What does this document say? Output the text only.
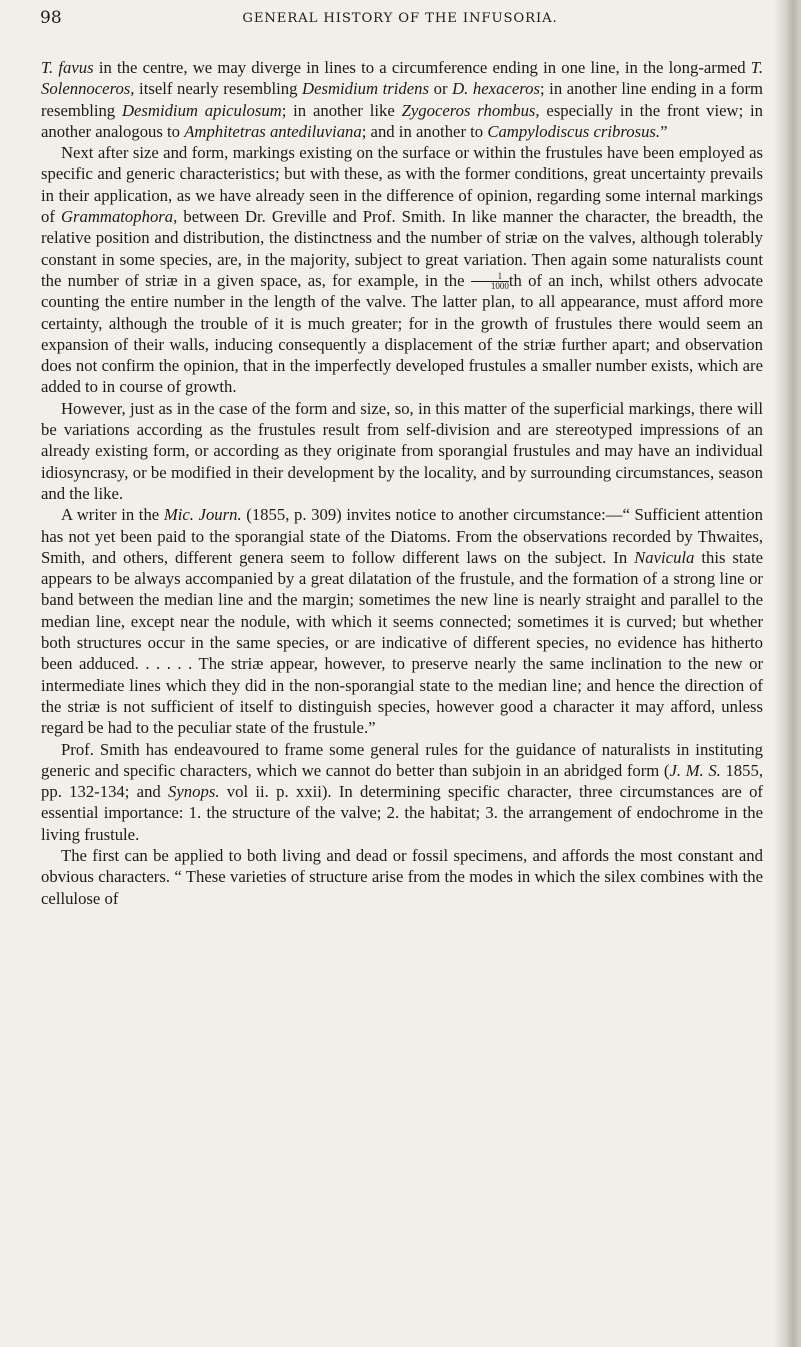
98	GENERAL HISTORY OF THE INFUSORIA.

T. favus in the centre, we may diverge in lines to a circumference ending in one line, in the long-armed T. Solennoceros, itself nearly resembling Desmidium tridens or D. hexaceros; in another line ending in a form resembling Desmidium apiculosum; in another like Zygoceros rhombus, especially in the front view; in another analogous to Amphitetras antediluviana; and in another to Campylodiscus cribrosus.”

Next after size and form, markings existing on the surface or within the frustules have been employed as specific and generic characteristics; but with these, as with the former conditions, great uncertainty prevails in their application, as we have already seen in the difference of opinion, regarding some internal markings of Grammatophora, between Dr. Greville and Prof. Smith. In like manner the character, the breadth, the relative position and distribution, the distinctness and the number of striæ on the valves, although tolerably constant in some species, are, in the majority, subject to great variation. Then again some naturalists count the number of striæ in a given space, as, for example, in the $\frac{1}{1000}$ th of an inch, whilst others advocate counting the entire number in the length of the valve. The latter plan, to all appearance, must afford more certainty, although the trouble of it is much greater; for in the growth of frustules there would seem an expansion of their walls, inducing consequently a displacement of the striæ further apart; and observation does not confirm the opinion, that in the imperfectly developed frustules a smaller number exists, which are added to in course of growth.

However, just as in the case of the form and size, so, in this matter of the superficial markings, there will be variations according as the frustules result from self-division and are stereotyped impressions of an already existing form, or according as they originate from sporangial frustules and may have an individual idiosyncrasy, or be modified in their development by the locality, and by surrounding circumstances, season and the like.

A writer in the Mic. Journ. (1855, p. 309) invites notice to another circumstance:—“ Sufficient attention has not yet been paid to the sporangial state of the Diatoms. From the observations recorded by Thwaites, Smith, and others, different genera seem to follow different laws on the subject. In Navicula this state appears to be always accompanied by a great dilatation of the frustule, and the formation of a strong line or band between the median line and the margin; sometimes the new line is nearly straight and parallel to the median line, except near the nodule, with which it seems connected; sometimes it is curved; but whether both structures occur in the same species, or are indicative of different species, no evidence has hitherto been adduced. . . . . . The striæ appear, however, to preserve nearly the same inclination to the new or intermediate lines which they did in the non-sporangial state to the median line; and hence the direction of the striæ is not sufficient of itself to distinguish species, however good a character it may afford, unless regard be had to the peculiar state of the frustule.”

Prof. Smith has endeavoured to frame some general rules for the guidance of naturalists in instituting generic and specific characters, which we cannot do better than subjoin in an abridged form (J. M. S. 1855, pp. 132-134; and Synops. vol ii. p. xxii). In determining specific character, three circumstances are of essential importance: 1. the structure of the valve; 2. the habitat; 3. the arrangement of endochrome in the living frustule.

The first can be applied to both living and dead or fossil specimens, and affords the most constant and obvious characters. “ These varieties of structure arise from the modes in which the silex combines with the cellulose of
